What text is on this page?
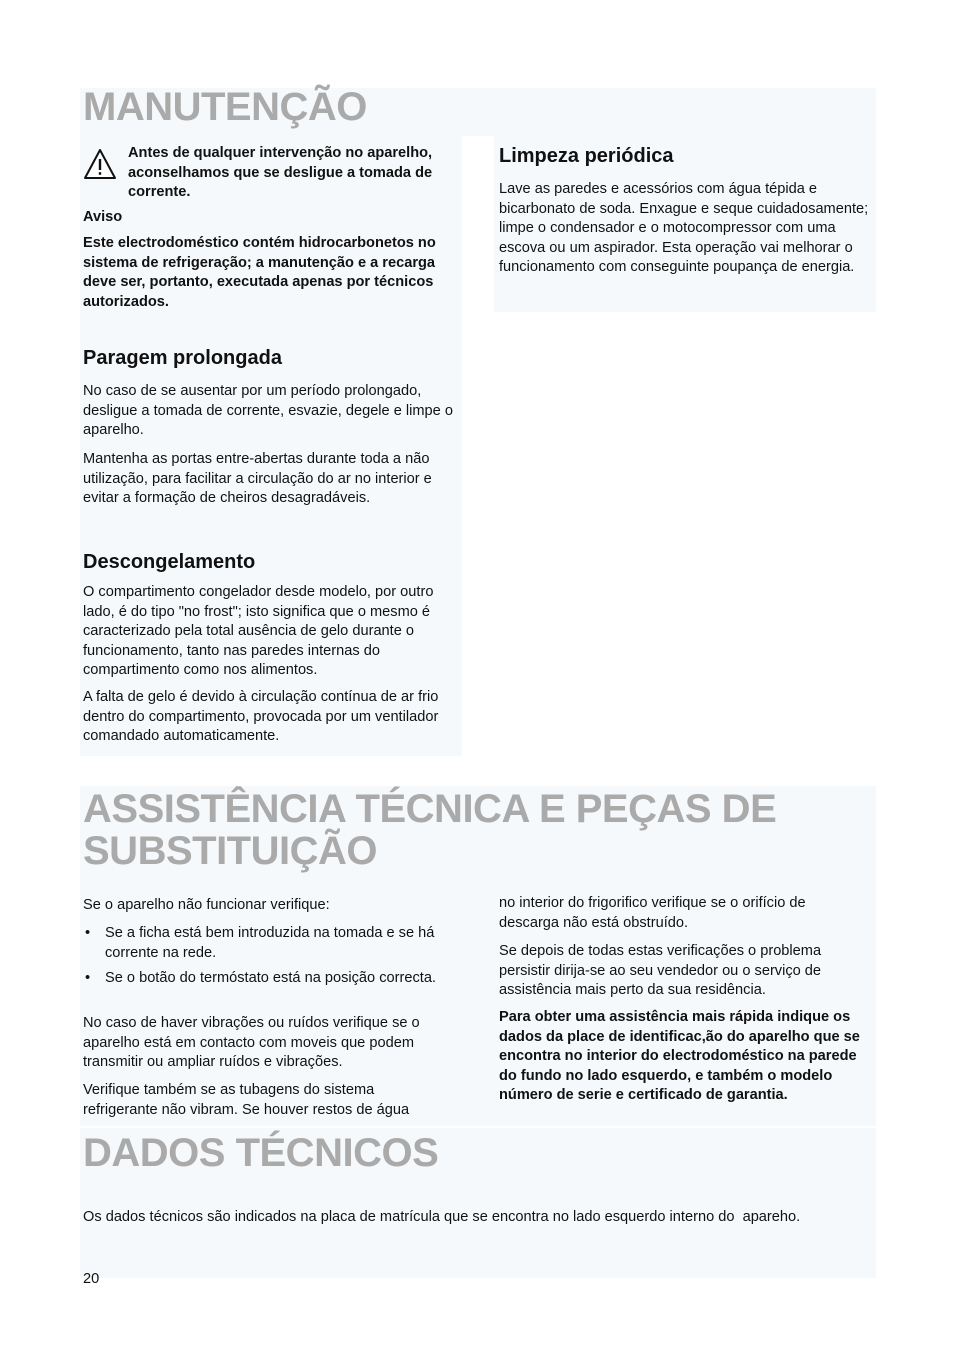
MANUTENÇÃO

Antes de qualquer intervenção no aparelho, aconselhamos que se desligue a tomada de corrente.

Aviso

Este electrodoméstico contém hidrocarbonetos no sistema de refrigeração; a manutenção e a recarga deve ser, portanto, executada apenas por técnicos autorizados.

Paragem prolongada

No caso de se ausentar por um período prolongado, desligue a tomada de corrente, esvazie, degele e limpe o aparelho.

Mantenha as portas entre-abertas durante toda a não utilização, para facilitar a circulação do ar no interior e evitar a formação de cheiros desagradáveis.

Descongelamento

O compartimento congelador desde modelo, por outro lado, é do tipo "no frost"; isto significa que o mesmo é caracterizado pela total ausência de gelo durante o funcionamento, tanto nas paredes internas do compartimento como nos alimentos.

A falta de gelo é devido à circulação contínua de ar frio dentro do compartimento, provocada por um ventilador comandado automaticamente.

Limpeza periódica

Lave as paredes e acessórios com água tépida e bicarbonato de soda. Enxague e seque cuidadosamente; limpe o condensador e o motocompressor com uma escova ou um aspirador. Esta operação vai melhorar o funcionamento com conseguinte poupança de energia.

ASSISTÊNCIA TÉCNICA E PEÇAS DE
SUBSTITUIÇÃO

Se o aparelho não funcionar verifique:

• Se a ficha está bem introduzida na tomada e se há corrente na rede.
• Se o botão do termóstato está na posição correcta.

No caso de haver vibrações ou ruídos verifique se o aparelho está em contacto com moveis que podem transmitir ou ampliar ruídos e vibrações.

Verifique também se as tubagens do sistema refrigerante não vibram. Se houver restos de água

no interior do frigorifico verifique se o orifício de descarga não está obstruído.

Se depois de todas estas verificações o problema persistir dirija-se ao seu vendedor ou o serviço de assistência mais perto da sua residência.

Para obter uma assistência mais rápida indique os dados da place de identificac,ão do aparelho que se encontra no interior do electrodoméstico na parede do fundo no lado esquerdo, e também o modelo número de serie e certificado de garantia.

DADOS TÉCNICOS

Os dados técnicos são indicados na placa de matrícula que se encontra no lado esquerdo interno do  apareho.

20
